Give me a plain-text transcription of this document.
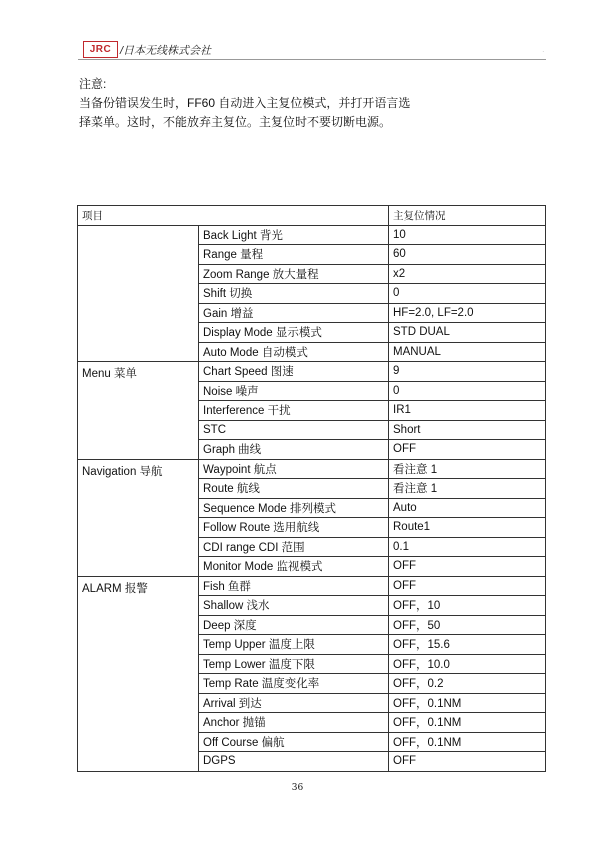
JRC /日本无线株式会社	.
注意:
当备份错误发生时，FF60 自动进入主复位模式，并打开语言选
择菜单。这时，不能放弃主复位。主复位时不要切断电源。
项目		主复位情况
	Back Light 背光	10
	Range 量程	60
	Zoom Range 放大量程	x2
	Shift 切换	0
	Gain 增益	HF=2.0, LF=2.0
	Display Mode 显示模式	STD DUAL
	Auto Mode 自动模式	MANUAL
Menu 菜单	Chart Speed 图速	9
	Noise 噪声	0
	Interference 干扰	IR1
	STC	Short
	Graph 曲线	OFF
Navigation 导航	Waypoint 航点	看注意 1
	Route 航线	看注意 1
	Sequence Mode 排列模式	Auto
	Follow Route 选用航线	Route1
	CDI range CDI 范围	0.1
	Monitor Mode 监视模式	OFF
ALARM 报警	Fish 鱼群	OFF
	Shallow 浅水	OFF，10
	Deep 深度	OFF，50
	Temp Upper 温度上限	OFF，15.6
	Temp Lower 温度下限	OFF，10.0
	Temp Rate 温度变化率	OFF，0.2
	Arrival 到达	OFF，0.1NM
	Anchor 抛锚	OFF，0.1NM
	Off Course 偏航	OFF，0.1NM
	DGPS	OFF
36
